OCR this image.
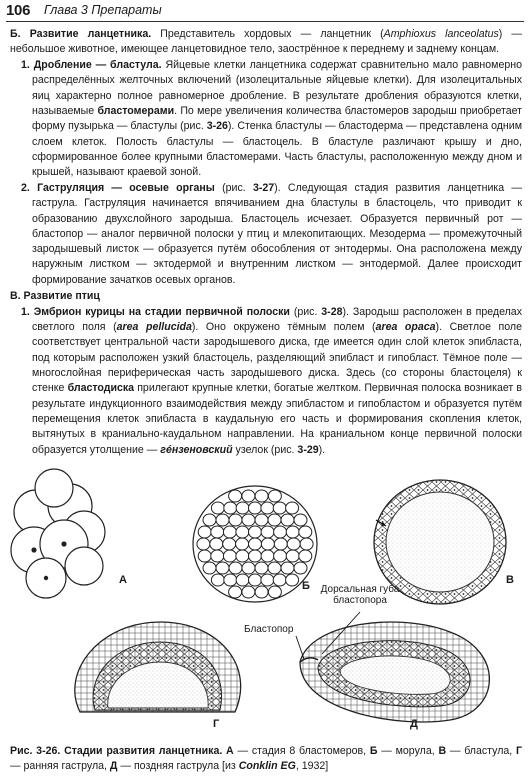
106 Глава 3 Препараты

Б. Развитие ланцетника. Представитель хордовых — ланцетник (Amphioxus lanceolatus) — небольшое животное, имеющее ланцетовидное тело, заострённое к переднему и заднему концам.

1. Дробление — бластула. Яйцевые клетки ланцетника содержат сравнительно мало равномерно распределённых желточных включений (изолецитальные яйцевые клетки). Для изолецитальных яиц характерно полное равномерное дробление. В результате дробления образуются клетки, называемые бластомерами. По мере увеличения количества бластомеров зародыш приобретает форму пузырька — бластулы (рис. 3-26). Стенка бластулы — бластодерма — представлена одним слоем клеток. Полость бластулы — бластоцель. В бластуле различают крышу и дно, сформированное более крупными бластомерами. Часть бластулы, расположенную между дном и крышей, называют краевой зоной.

2. Гаструляция — осевые органы (рис. 3-27). Следующая стадия развития ланцетника — гаструла. Гаструляция начинается впячиванием дна бластулы в бластоцель, что приводит к образованию двухслойного зародыша. Бластоцель исчезает. Образуется первичный рот — бластопор — аналог первичной полоски у птиц и млекопитающих. Мезодерма — промежуточный зародышевый листок — образуется путём обособления от энтодермы. Она расположена между наружным листком — эктодермой и внутренним листком — энтодермой. Далее происходит формирование зачатков осевых органов.

В. Развитие птиц

1. Эмбрион курицы на стадии первичной полоски (рис. 3-28). Зародыш расположен в пределах светлого поля (area pellucida). Оно окружено тёмным полем (area opaca). Светлое поле соответствует центральной части зародышевого диска, где имеется один слой клеток эпибласта, под которым расположен узкий бластоцель, разделяющий эпибласт и гипобласт. Тёмное поле — многослойная периферическая часть зародышевого диска. Здесь (со стороны бластоцеля) к стенке бластодиска прилегают крупные клетки, богатые желтком. Первичная полоска возникает в результате индукционного взаимодействия между эпибластом и гипобластом и образуется путём перемещения клеток эпибласта в каудальную его часть и формирования скопления клеток, вытянутых в краниально-каудальном направлении. На краниальном конце первичной полоски образуется утолщение — гéнзеновский узелок (рис. 3-29).

А	Б	В
Г	Д
Бластопор
Дорсальная губа бластопора
Рис. 3-26. Стадии развития ланцетника. А — стадия 8 бластомеров, Б — морула, В — бластула, Г — ранняя гаструла, Д — поздняя гаструла [из Conklin EG, 1932]
